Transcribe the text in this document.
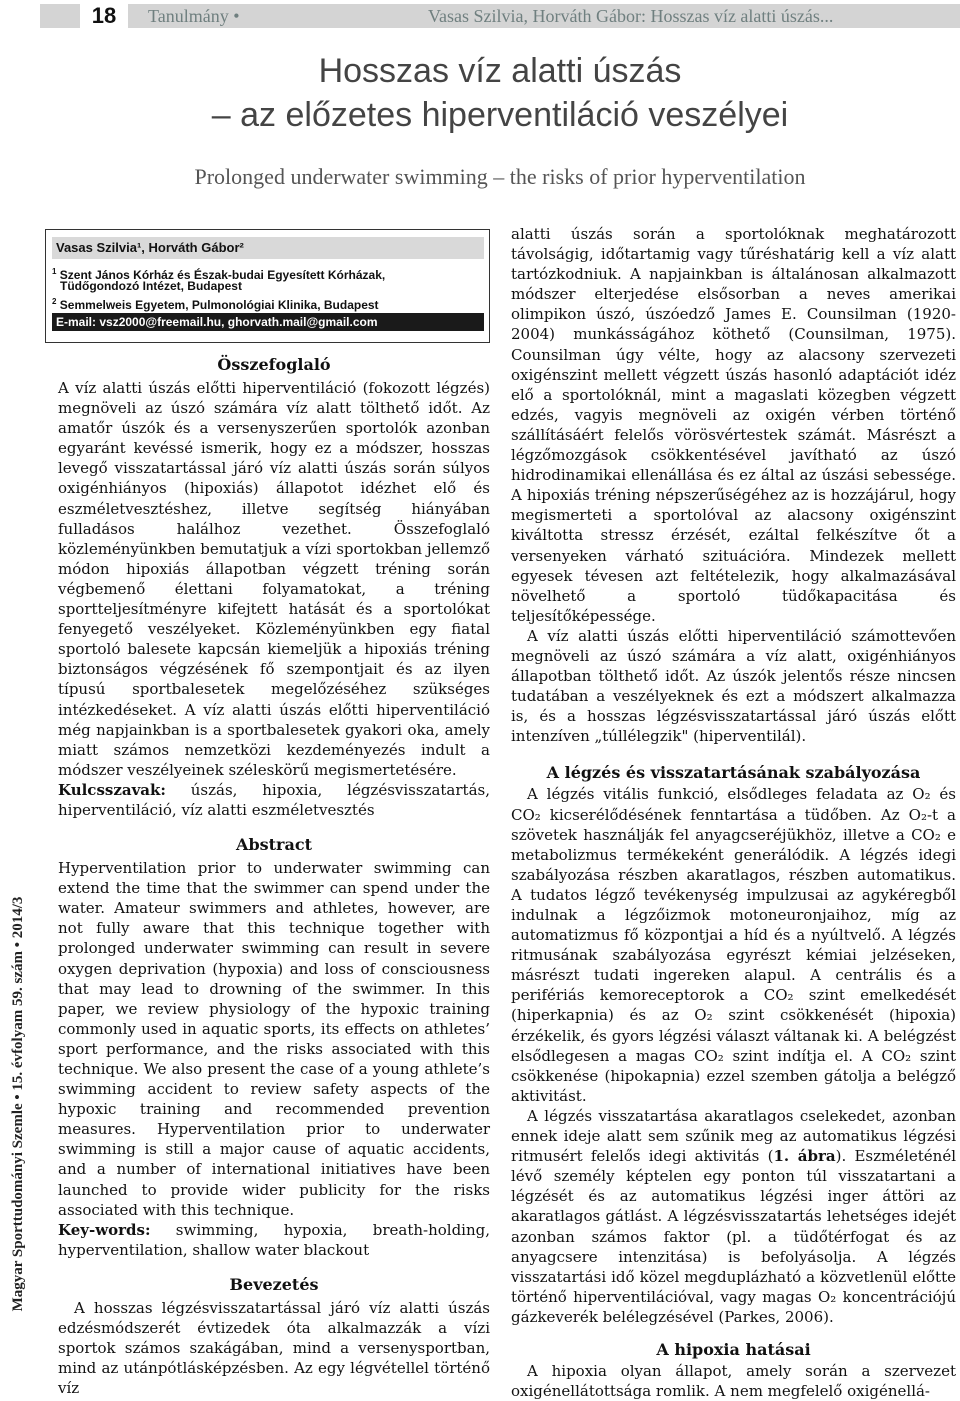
18	Tanulmány •	Vasas Szilvia, Horváth Gábor: Hosszas víz alatti úszás...
Hosszas víz alatti úszás
– az előzetes hiperventiláció veszélyei
Prolonged underwater swimming – the risks of prior hyperventilation
Magyar Sporttudományi Szemle • 15. évfolyam 59. szám • 2014/3
Vasas Szilvia¹, Horváth Gábor²
$^1$ Szent János Kórház és Észak-budai Egyesített Kórházak,
Tüdőgondozó Intézet, Budapest
$^2$ Semmelweis Egyetem, Pulmonológiai Klinika, Budapest
E-mail: vsz2000@freemail.hu, ghorvath.mail@gmail.com
Összefoglaló

A víz alatti úszás előtti hiperventiláció (fokozott légzés) megnöveli az úszó számára víz alatt tölthető időt. Az amatőr úszók és a versenyszerűen sportolók azonban egyaránt kevéssé ismerik, hogy ez a módszer, hosszas levegő visszatartással járó víz alatti úszás során súlyos oxigénhiányos (hipoxiás) állapotot idézhet elő és eszméletvesztéshez, illetve segítség hiányában fulladásos halálhoz vezethet. Összefoglaló közleményünkben bemutatjuk a vízi sportokban jellemző módon hipoxiás állapotban végzett tréning során végbemenő élettani folyamatokat, a tréning sportteljesítményre kifejtett hatását és a sportolókat fenyegető veszélyeket. Közleményünkben egy fiatal sportoló balesete kapcsán kiemeljük a hipoxiás tréning biztonságos végzésének fő szempontjait és az ilyen típusú sportbalesetek megelőzéséhez szükséges intézkedéseket. A víz alatti úszás előtti hiperventiláció még napjainkban is a sportbalesetek gyakori oka, amely miatt számos nemzetközi kezdeményezés indult a módszer veszélyeinek széleskörű megismertetésére.

Kulcsszavak: úszás, hipoxia, légzésvisszatartás, hiperventiláció, víz alatti eszméletvesztés

Abstract

Hyperventilation prior to underwater swimming can extend the time that the swimmer can spend under the water. Amateur swimmers and athletes, however, are not fully aware that this technique together with prolonged underwater swimming can result in severe oxygen deprivation (hypoxia) and loss of consciousness that may lead to drowning of the swimmer. In this paper, we review physiology of the hypoxic training commonly used in aquatic sports, its effects on athletes’ sport performance, and the risks associated with this technique. We also present the case of a young athlete’s swimming accident to review safety aspects of the hypoxic training and recommended prevention measures. Hyperventilation prior to underwater swimming is still a major cause of aquatic accidents, and a number of international initiatives have been launched to provide wider publicity for the risks associated with this technique.

Key-words: swimming, hypoxia, breath-holding, hyperventilation, shallow water blackout

Bevezetés

A hosszas légzésvisszatartással járó víz alatti úszás edzésmódszerét évtizedek óta alkalmazzák a vízi sportok számos szakágában, mind a versenysportban, mind az utánpótlásképzésben. Az egy légvétellel történő víz

alatti úszás során a sportolóknak meghatározott távolságig, időtartamig vagy tűréshatárig kell a víz alatt tartózkodniuk. A napjainkban is általánosan alkalmazott módszer elterjedése elsősorban a neves amerikai olimpikon úszó, úszóedző James E. Counsilman (1920-2004) munkásságához köthető (Counsilman, 1975). Counsilman úgy vélte, hogy az alacsony szervezeti oxigénszint mellett végzett úszás hasonló adaptációt idéz elő a sportolóknál, mint a magaslati közegben végzett edzés, vagyis megnöveli az oxigén vérben történő szállításáért felelős vörösvértestek számát. Másrészt a légzőmozgások csökkentésével javítható az úszó hidrodinamikai ellenállása és ez által az úszási sebessége. A hipoxiás tréning népszerűségéhez az is hozzájárul, hogy megismerteti a sportolóval az alacsony oxigénszint kiváltotta stressz érzését, ezáltal felkészítve őt a versenyeken várható szituációra. Mindezek mellett egyesek tévesen azt feltételezik, hogy alkalmazásával növelhető a sportoló tüdőkapacitása és teljesítőképessége.

A víz alatti úszás előtti hiperventiláció számottevően megnöveli az úszó számára a víz alatt, oxigénhiányos állapotban tölthető időt. Az úszók jelentős része nincsen tudatában a veszélyeknek és ezt a módszert alkalmazza is, és a hosszas légzésvisszatartással járó úszás előtt intenzíven „túllélegzik" (hiperventilál).

A légzés és visszatartásának szabályozása

A légzés vitális funkció, elsődleges feladata az O₂ és CO₂ kicserélődésének fenntartása a tüdőben. Az O₂-t a szövetek használják fel anyagcseréjükhöz, illetve a CO₂ e metabolizmus termékeként generálódik. A légzés idegi szabályozása részben akaratlagos, részben automatikus. A tudatos légző tevékenység impulzusai az agykéregből indulnak a légzőizmok motoneuronjaihoz, míg az automatizmus fő központjai a híd és a nyúltvelő. A légzés ritmusának szabályozása egyrészt kémiai jelzéseken, másrészt tudati ingereken alapul. A centrális és a perifériás kemoreceptorok a CO₂ szint emelkedését (hiperkapnia) és az O₂ szint csökkenését (hipoxia) érzékelik, és gyors légzési választ váltanak ki. A belégzést elsődlegesen a magas CO₂ szint indítja el. A CO₂ szint csökkenése (hipokapnia) ezzel szemben gátolja a belégző aktivitást.

A légzés visszatartása akaratlagos cselekedet, azonban ennek ideje alatt sem szűnik meg az automatikus légzési ritmusért felelős idegi aktivitás (1. ábra). Eszméleténél lévő személy képtelen egy ponton túl visszatartani a légzését és az automatikus légzési inger áttöri az akaratlagos gátlást. A légzésvisszatartás lehetséges idejét azonban számos faktor (pl. a tüdőtérfogat és az anyagcsere intenzitása) is befolyásolja. A légzés visszatartási idő közel megduplázható a közvetlenül előtte történő hiperventilációval, vagy magas O₂ koncentrációjú gázkeverék belélegzésével (Parkes, 2006).

A hipoxia hatásai

A hipoxia olyan állapot, amely során a szervezet oxigénellátottsága romlik. A nem megfelelő oxigénellá-
